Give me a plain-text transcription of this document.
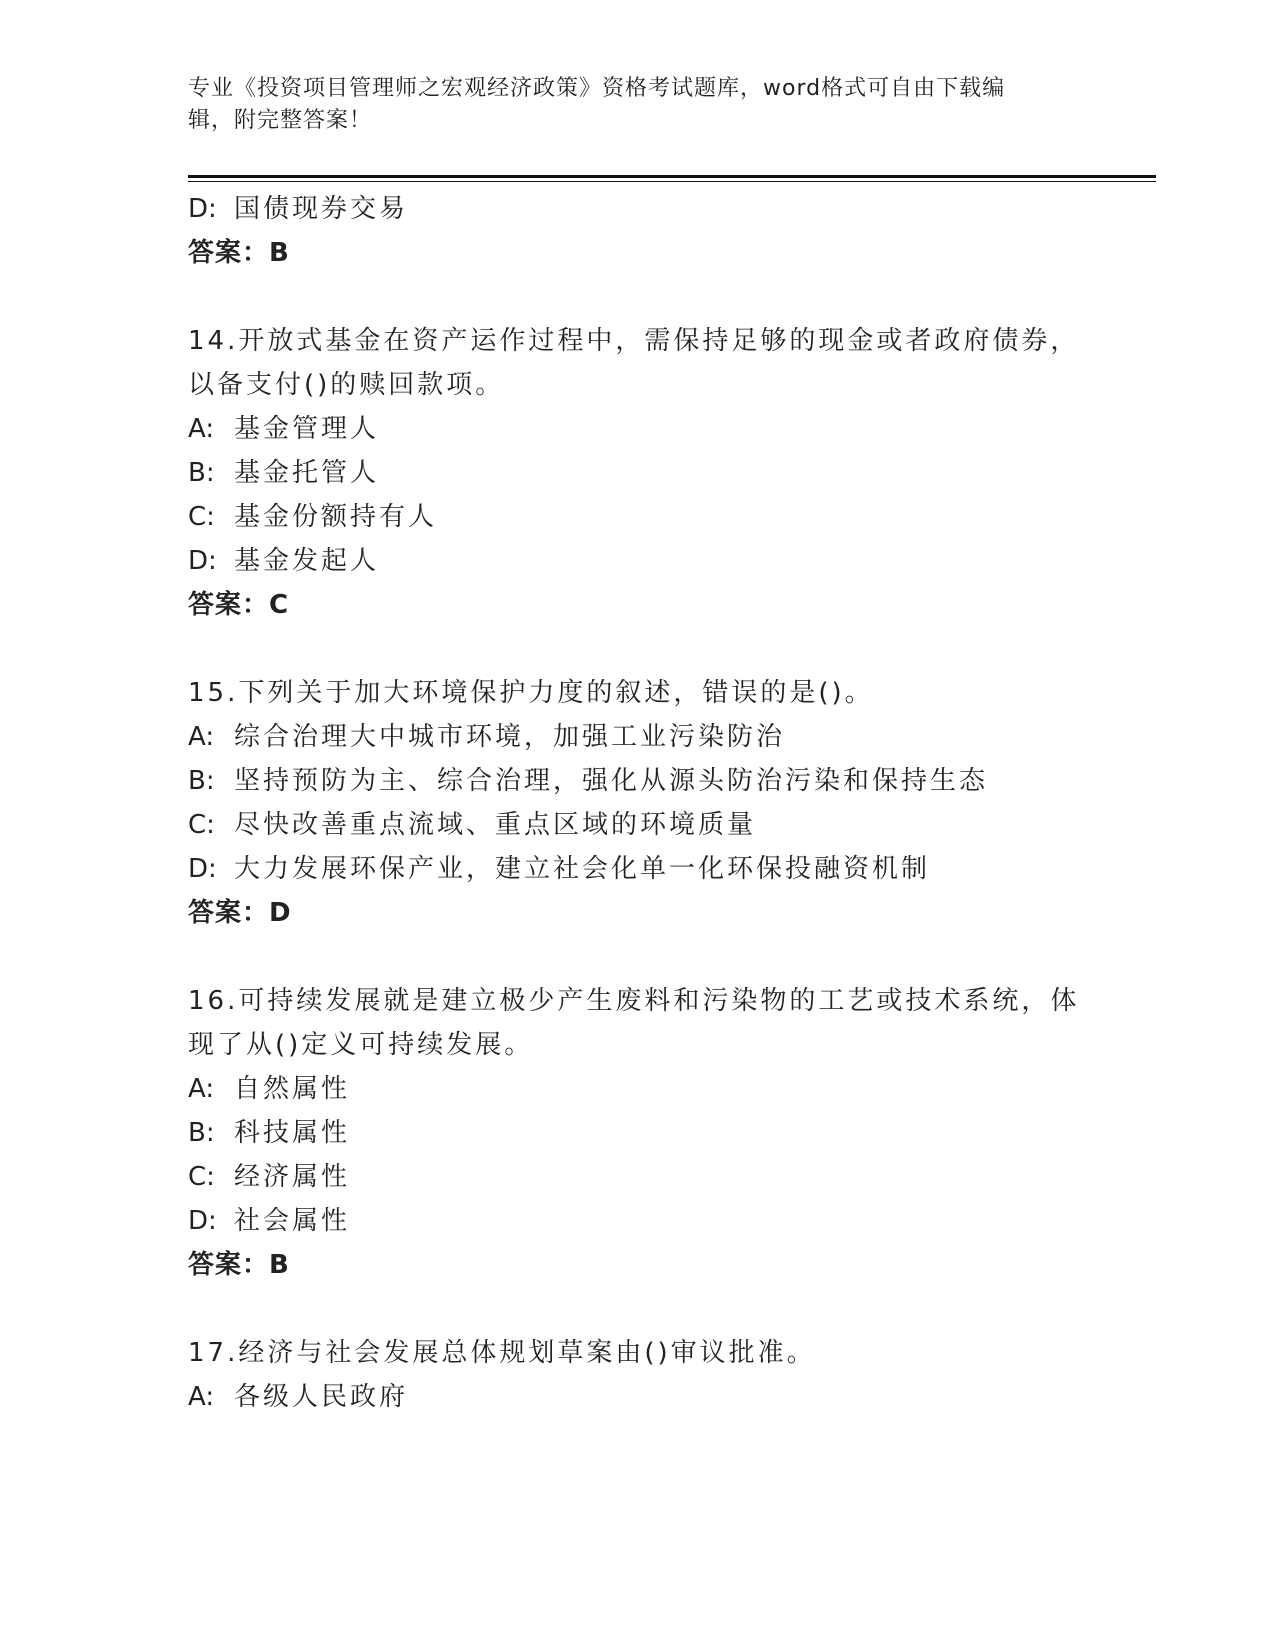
专业《投资项目管理师之宏观经济政策》资格考试题库，word格式可自由下载编
辑，附完整答案！
D: 国债现券交易
答案：B
14.开放式基金在资产运作过程中，需保持足够的现金或者政府债券，
以备支付()的赎回款项。
A: 基金管理人
B: 基金托管人
C: 基金份额持有人
D: 基金发起人
答案：C
15.下列关于加大环境保护力度的叙述，错误的是()。
A: 综合治理大中城市环境，加强工业污染防治
B: 坚持预防为主、综合治理，强化从源头防治污染和保持生态
C: 尽快改善重点流域、重点区域的环境质量
D: 大力发展环保产业，建立社会化单一化环保投融资机制
答案：D
16.可持续发展就是建立极少产生废料和污染物的工艺或技术系统，体
现了从()定义可持续发展。
A: 自然属性
B: 科技属性
C: 经济属性
D: 社会属性
答案：B
17.经济与社会发展总体规划草案由()审议批准。
A: 各级人民政府
